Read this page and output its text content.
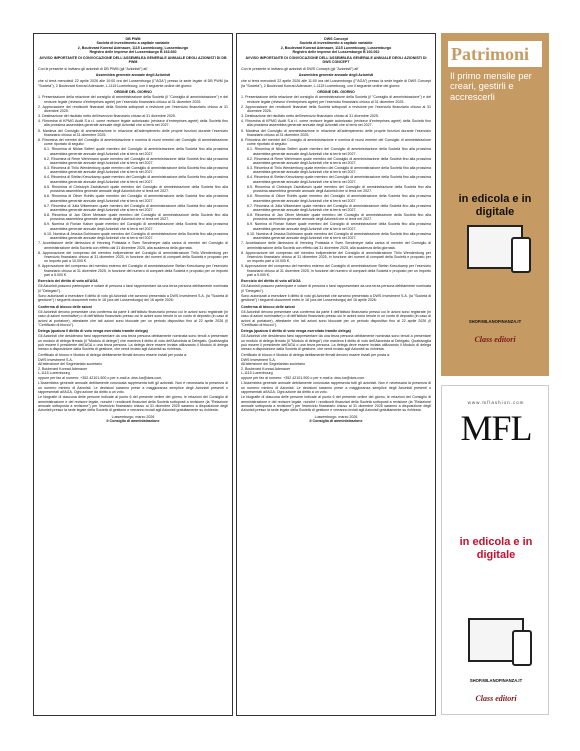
DB PWM
Società di investimento a capitale variabile
2, Boulevard Konrad Adenauer, 1115 Luxembourg, Lussemburgo
Registro delle imprese del Lussemburgo B 163.660
AVVISO IMPORTANTE DI CONVOCAZIONE DELL'ASSEMBLEA GENERALE ANNUALE DEGLI AZIONISTI DI DB PWM
Con le presente si invitano gli azionisti di DB PWM (gli "Azionisti") all'
Assemblea generale annuale degli Azionisti
che si terrà mercoledì 22 aprile 2026 alle 10:00 ora del Lussemburgo (l'"AGA") presso la sede legale di DB PWM (la "Società"), 2 Boulevard Konrad Adenauer, L-1115 Luxembourg, con il seguente ordine del giorno:
ORDINE DEL GIORNO
1. Presentazione della relazione del consiglio di amministrazione della Società (il "Consiglio di amministrazione") e del revisore legale (réviseur d'entreprises agréé) per l'esercizio finanziario chiuso al 31 dicembre 2025.
2. Approvazione dei rendiconti finanziari della Società sottoposti a revisione per l'esercizio finanziario chiuso al 31 dicembre 2025.
3. Destinazione del risultato netto dell'esercizio finanziario chiuso al 31 dicembre 2025.
4. Rinomina di KPMG Audit S.à r.l. come revisore legale autorizzato (réviseur d'entreprises agréé) della Società fino alla prossima assemblea generale annuale degli Azionisti che si terrà nel 2027.
5. Manleva del Consiglio di amministrazione in relazione all'adempimento delle proprie funzioni durante l'esercizio finanziario chiuso al 31 dicembre 2025.
6. Rinomina dei membri del Consiglio di amministrazione e nomina di nuovi membri del Consiglio di amministrazione come riportato di seguito:
6.1. Rinomina di Niklas Seifert quale membro del Consiglio di amministrazione della Società fino alla prossima assemblea generale annuale degli Azionisti che si terrà nel 2027.
6.2. Rinomina di Rene Wehrmann quale membro del Consiglio di amministrazione della Società fino alla prossima assemblea generale annuale degli Azionisti che si terrà nel 2027.
6.3. Rinomina di Thilo Wendenburg quale membro del Consiglio di amministrazione della Società fino alla prossima assemblea generale annuale degli Azionisti che si terrà nel 2027.
6.4. Rinomina di Stefan Kreuzkamp quale membro del Consiglio di amministrazione della Società fino alla prossima assemblea generale annuale degli Azionisti che si terrà nel 2027.
6.5. Rinomina di Christoph Zschätzsch quale membro del Consiglio di amministrazione della Società fino alla prossima assemblea generale annuale degli Azionisti che si terrà nel 2027.
6.6. Rinomina di Oliver Rohlfs quale membro del Consiglio di amministrazione della Società fino alla prossima assemblea generale annuale degli Azionisti che si terrà nel 2027.
6.7. Rinomina di Julia Witzemann quale membro del Consiglio di amministrazione della Società fino alla prossima assemblea generale annuale degli Azionisti che si terrà nel 2027.
6.8. Rinomina di Jan Oliver Meissler quale membro del Consiglio di amministrazione della Società fino alla prossima assemblea generale annuale degli Azionisti che si terrà nel 2027.
6.9. Nomina di Florian Kaiser quale membro del Consiglio di amministrazione della Società fino alla prossima assemblea generale annuale degli Azionisti che si terrà nel 2027.
6.10. Nomina di Jessica Dohlmann quale membro del Consiglio di amministrazione della Società fino alla prossima assemblea generale annuale degli Azionisti che si terrà nel 2027.
7. Accettazione delle dimissioni di Henning Potstada e Sven Sendmeyer dalla carica di membri del Consiglio di amministrazione della Società con effetto dal 31 dicembre 2025, alla scadenza della giornata.
8. Approvazione del compenso del membro indipendente del Consiglio di amministrazione Thilo Wendenburg per l'esercizio finanziario chiuso al 31 dicembre 2025, in funzione dei numeri di comparti della Società e proposto per un importo pari a 10.000 €.
9. Approvazione del compenso del membro esterno del Consiglio di amministrazione Stefan Kreuzkamp per l'esercizio finanziario chiuso al 31 dicembre 2025, in funzione del numero di comparti della Società e proposto per un importo pari a 5.000 €.
Esercizio del diritto di voto all'AGA
Gli Azionisti possono partecipare e votare di persona o farsi rappresentare da una terza persona debitamente nominata (il "Delegato").
Sono autorizzati a esercitare il diritto di voto gli Azionisti che avranno presentato a DWS Investment S.A. (la "Società di gestione") i seguenti documenti entro le 18 (ora del Lussemburgo) del 16 aprile 2026:
Conferma di blocco delle azioni
Gli Azionisti devono presentare una conferma da parte il dell'istituto finanziario presso cui le azioni sono registrate (in caso di azioni nominative) o di dell'istituto finanziario presso cui le azioni sono tenute in un conto di deposito (in caso di azioni al portatore), attestante che tali azioni sono bloccate per un periodo dispositivo fino al 22 aprile 2026 (il "Certificato di blocco").
Delega (qualora il diritto di voto venga esercitato tramite delega)
Gli Azionisti che desiderano farsi rappresentare da una terza persona debitamente nominata sono tenuti a presentare un modulo di delega firmato (il "Modulo di delega") che manleva il diritto di voto dell'Azionista al Delegato. Qualsivoglia può essere il presidente dell'AGA o una terza persona. La delega deve essere inviata utilizzando il Modulo di delega messo a disposizione dalla Società di gestione, che verrà inviato agli Azionisti su richiesta.
Certificato di blocco e Modulo di delega debitamente firmati devono essere inviati per posta a:
DWS Investment S.A.
All'attenzione del Segretariato societario
2, Boulevard Konrad Adenauer
L-1115 Luxembourg
oppure per fax al numero: +352 42101-900 o per e-mail a: dws.lux@dws.com.
L'Assemblea generale annuale debitamente convocata rappresenta tutti gli azionisti. Non è necessaria la presenza di un numero minimo di Azionisti. Le decisioni saranno prese a maggioranza semplice degli Azionisti presenti o rappresentati all'AGA. Ogni azione dà diritto a un voto.
Le biografie di ciascuna delle persone indicate al punto 6 del presente ordine del giorno, le relazioni del Consiglio di amministrazione e del revisore legale, nonché i rendiconti finanziari della Società sottoposti a revisione (la "Relazione annuale sottoposta a revisione") per l'esercizio finanziario chiuso al 31 dicembre 2025 saranno a disposizione degli Azionisti presso la sede legale della Società di gestione e verranno inviati agli Azionisti gratuitamente su richiesta.
Lussemburgo, marzo 2026
Il Consiglio di amministrazione
DWS Concept
Società di investimento a capitale variabile
2, Boulevard Konrad Adenauer, 1115 Luxembourg, Lussemburgo
Registro delle imprese del Lussemburgo B 160.062
AVVISO IMPORTANTE DI CONVOCAZIONE DELL'ASSEMBLEA GENERALE ANNUALE DEGLI AZIONISTI DI DWS CONCEPT
Con le presente si invitano gli azionisti di DWS Concept (gli "Azionisti") all'
Assemblea generale annuale degli Azionisti
che si terrà mercoledì 22 aprile 2026 alle 11:00 ora del Lussemburgo (l'"AGA") presso la sede legale di DWS Concept (la "Società"), 2 Boulevard Konrad Adenauer, L-1115 Luxembourg, con il seguente ordine del giorno:
ORDINE DEL GIORNO
1. Presentazione della relazione del consiglio di amministrazione della Società (il "Consiglio di amministrazione") e del revisore legale (réviseur d'entreprises agréé) per l'esercizio finanziario chiuso al 31 dicembre 2025.
2. Approvazione dei rendiconti finanziari della Società sottoposti a revisione per l'esercizio finanziario chiuso al 31 dicembre 2025.
3. Destinazione del risultato netto dell'esercizio finanziario chiuso al 31 dicembre 2025.
4. Rinomina di KPMG Audit S.à r.l. come revisore legale autorizzato (réviseur d'entreprises agréé) della Società fino alla prossima assemblea generale annuale degli Azionisti che si terrà nel 2027.
5. Manleva del Consiglio di amministrazione in relazione all'adempimento delle proprie funzioni durante l'esercizio finanziario chiuso al 31 dicembre 2025.
6. Rinomina dei membri del Consiglio di amministrazione e nomina di nuovi membri del Consiglio di amministrazione come riportato di seguito:
6.1. Rinomina di Niklas Seifert quale membro del Consiglio di amministrazione della Società fino alla prossima assemblea generale annuale degli Azionisti che si terrà nel 2027.
6.2. Rinomina di Rene Wehrmann quale membro del Consiglio di amministrazione della Società fino alla prossima assemblea generale annuale degli Azionisti che si terrà nel 2027.
6.3. Rinomina di Thilo Wendenburg quale membro del Consiglio di amministrazione della Società fino alla prossima assemblea generale annuale degli Azionisti che si terrà nel 2027.
6.4. Rinomina di Stefan Kreuzkamp quale membro del Consiglio di amministrazione della Società fino alla prossima assemblea generale annuale degli Azionisti che si terrà nel 2027.
6.5. Rinomina di Christoph Zschätzsch quale membro del Consiglio di amministrazione della Società fino alla prossima assemblea generale annuale degli Azionisti che si terrà nel 2027.
6.6. Rinomina di Oliver Rohlfs quale membro del Consiglio di amministrazione della Società fino alla prossima assemblea generale annuale degli Azionisti che si terrà nel 2027.
6.7. Rinomina di Julia Witzemann quale membro del Consiglio di amministrazione della Società fino alla prossima assemblea generale annuale degli Azionisti che si terrà nel 2027.
6.8. Rinomina di Jan Oliver Meissler quale membro del Consiglio di amministrazione della Società fino alla prossima assemblea generale annuale degli Azionisti che si terrà nel 2027.
6.9. Nomina di Florian Kaiser quale membro del Consiglio di amministrazione della Società fino alla prossima assemblea generale annuale degli Azionisti che si terrà nel 2027.
6.10. Nomina di Jessica Dohlmann quale membro del Consiglio di amministrazione della Società fino alla prossima assemblea generale annuale degli Azionisti che si terrà nel 2027.
7. Accettazione delle dimissioni di Henning Potstada e Sven Sendmeyer dalla carica di membri del Consiglio di amministrazione della Società con effetto dal 31 dicembre 2025, alla scadenza della giornata.
8. Approvazione del compenso del membro indipendente del Consiglio di amministrazione Thilo Wendenburg per l'esercizio finanziario chiuso al 31 dicembre 2025, in funzione dei numeri di comparti della Società e proposto per un importo pari a 10.000 €.
9. Approvazione del compenso del membro esterno del Consiglio di amministrazione Stefan Kreuzkamp per l'esercizio finanziario chiuso al 31 dicembre 2025, in funzione del numero di comparti della Società e proposto per un importo pari a 5.000 €.
Esercizio del diritto di voto all'AGA
Gli Azionisti possono partecipare e votare di persona o farsi rappresentare da una terza persona debitamente nominata (il "Delegato").
Sono autorizzati a esercitare il diritto di voto gli Azionisti che avranno presentato a DWS Investment S.A. (la "Società di gestione") i seguenti documenti entro le 18 (ora del Lussemburgo) del 16 aprile 2026:
Conferma di blocco delle azioni
Gli Azionisti devono presentare una conferma da parte il dell'istituto finanziario presso cui le azioni sono registrate (in caso di azioni nominative) o di dell'istituto finanziario presso cui le azioni sono tenute in un conto di deposito (in caso di azioni al portatore), attestante che tali azioni sono bloccate per un periodo dispositivo fino al 22 aprile 2026 (il "Certificato di blocco").
Delega (qualora il diritto di voto venga esercitato tramite delega)
Gli Azionisti che desiderano farsi rappresentare da una terza persona debitamente nominata sono tenuti a presentare un modulo di delega firmato (il "Modulo di delega") che manleva il diritto di voto dell'Azionista al Delegato. Qualsivoglia può essere il presidente dell'AGA o una terza persona. La delega deve essere inviata utilizzando il Modulo di delega messo a disposizione dalla Società di gestione, che verrà inviato agli Azionisti su richiesta.
Certificato di blocco e Modulo di delega debitamente firmati devono essere inviati per posta a:
DWS Investment S.A.
All'attenzione del Segretariato societario
2, Boulevard Konrad Adenauer
L-1115 Luxembourg
oppure per fax al numero: +352 42101-900 o per e-mail a: dws.lux@dws.com.
L'Assemblea generale annuale debitamente convocata rappresenta tutti gli azionisti. Non è necessaria la presenza di un numero minimo di Azionisti. Le decisioni saranno prese a maggioranza semplice degli Azionisti presenti o rappresentati all'AGA. Ogni azione dà diritto a un voto.
Le biografie di ciascuna delle persone indicate al punto 6 del presente ordine del giorno, le relazioni del Consiglio di amministrazione e del revisore legale, nonché i rendiconti finanziari della Società sottoposti a revisione (la "Relazione annuale sottoposta a revisione") per l'esercizio finanziario chiuso al 31 dicembre 2025 saranno a disposizione degli Azionisti presso la sede legale della Società di gestione e verranno inviati agli Azionisti gratuitamente su richiesta.
Lussemburgo, marzo 2026
Il Consiglio di amministrazione
Patrimoni
Il primo mensile per creari, gestirli e accrescerli
in edicola e in digitale
SHOP.MILANOFINANZA.IT
Class editori
www.mflashion.com
MFL
in edicola e in digitale
SHOP.MILANOFINANZA.IT
Class editori
